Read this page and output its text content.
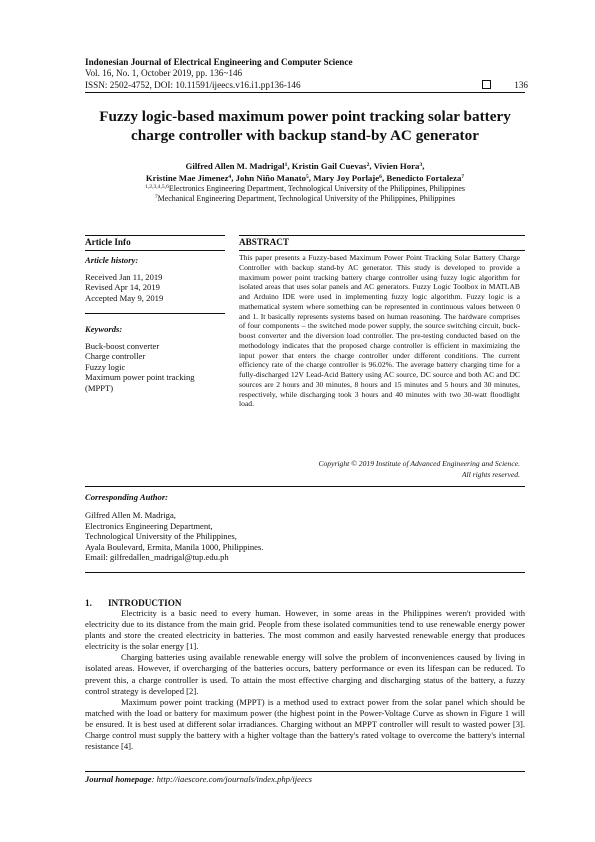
Indonesian Journal of Electrical Engineering and Computer Science
Vol. 16, No. 1, October 2019, pp. 136~146
ISSN: 2502-4752, DOI: 10.11591/ijeecs.v16.i1.pp136-146	136
Fuzzy logic-based maximum power point tracking solar battery
charge controller with backup stand-by AC generator
Gilfred Allen M. Madrigal$^1$, Kristin Gail Cuevas$^2$, Vivien Hora$^3$,
Kristine Mae Jimenez$^4$, John Niño Manato$^5$, Mary Joy Porlaje$^6$, Benedicto Fortaleza$^7$
$^{1,2,3,4,5,6}$Electronics Engineering Department, Technological University of the Philippines, Philippines
$^7$Mechanical Engineering Department, Technological University of the Philippines, Philippines
Article Info	ABSTRACT
Article history:
Received Jan 11, 2019
Revised Apr 14, 2019
Accepted May 9, 2019
Keywords:
Buck-boost converter
Charge controller
Fuzzy logic
Maximum power point tracking
(MPPT)
This paper presents a Fuzzy-based Maximum Power Point Tracking Solar Battery Charge Controller with backup stand-by AC generator. This study is developed to provide a maximum power point tracking battery charge controller using fuzzy logic algorithm for isolated areas that uses solar panels and AC generators. Fuzzy Logic Toolbox in MATLAB and Arduino IDE were used in implementing fuzzy logic algorithm. Fuzzy logic is a mathematical system where something can be represented in continuous values between 0 and 1. It basically represents systems based on human reasoning. The hardware comprises of four components – the switched mode power supply, the source switching circuit, buck-boost converter and the diversion load controller. The pre-testing conducted based on the methodology indicates that the proposed charge controller is efficient in maximizing the input power that enters the charge controller under different conditions. The current efficiency rate of the charge controller is 96.02%. The average battery charging time for a fully-discharged 12V Lead-Acid Battery using AC source, DC source and both AC and DC sources are 2 hours and 30 minutes, 8 hours and 15 minutes and 5 hours and 30 minutes, respectively, while discharging took 3 hours and 40 minutes with two 30-watt floodlight load.
Copyright © 2019 Institute of Advanced Engineering and Science.
All rights reserved.
Corresponding Author:
Gilfred Allen M. Madriga,
Electronics Engineering Department,
Technological University of the Philippines,
Ayala Boulevard, Ermita, Manila 1000, Philippines.
Email: gilfredallen_madrigal@tup.edu.ph
1.       INTRODUCTION

Electricity is a basic need to every human. However, in some areas in the Philippines weren't provided with electricity due to its distance from the main grid. People from these isolated communities tend to use renewable energy power plants and store the created electricity in batteries. The most common and easily harvested renewable energy that produces electricity is the solar energy [1].

Charging batteries using available renewable energy will solve the problem of inconveniences caused by living in isolated areas. However, if overcharging of the batteries occurs, battery performance or even its lifespan can be reduced. To prevent this, a charge controller is used. To attain the most effective charging and discharging status of the battery, a fuzzy control strategy is developed [2].

Maximum power point tracking (MPPT) is a method used to extract power from the solar panel which should be matched with the load or battery for maximum power (the highest point in the Power-Voltage Curve as shown in Figure 1 will be ensured. It is best used at different solar irradiances. Charging without an MPPT controller will result to wasted power [3]. Charge control must supply the battery with a higher voltage than the battery's rated voltage to overcome the battery's internal resistance [4].

Journal homepage: http://iaescore.com/journals/index.php/ijeecs
